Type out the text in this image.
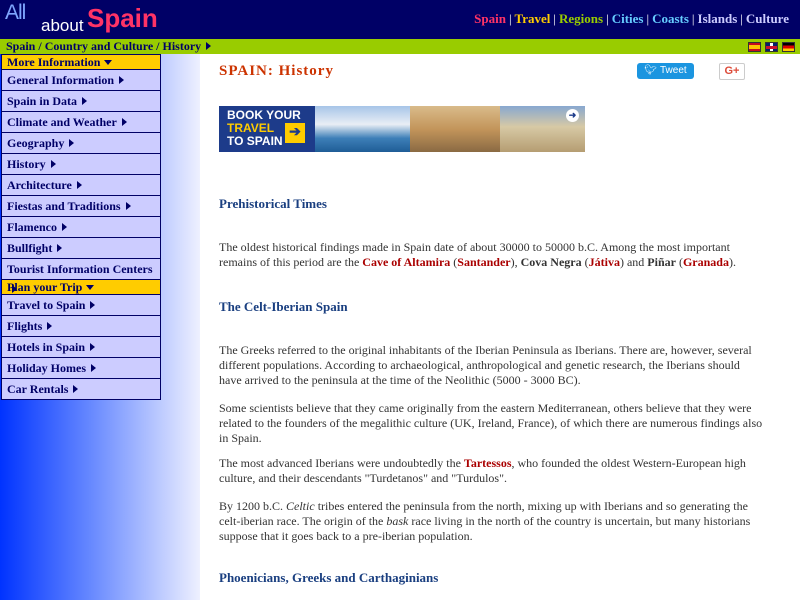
All
about Spain	Spain | Travel | Regions | Cities | Coasts | Islands | Culture
Spain / Country and Culture / History
More Information
General Information
Spain in Data
Climate and Weather
Geography
History
Architecture
Fiestas and Traditions
Flamenco
Bullfight
Tourist Information Centers
Plan your Trip
Travel to Spain
Flights
Hotels in Spain
Holiday Homes
Car Rentals
SPAIN: History	🐦︎ Tweet	G+
BOOK YOUR
TRAVEL
TO SPAIN
➔
➜
Prehistorical Times

The oldest historical findings made in Spain date of about 30000 to 50000 b.C. Among the most important remains of this period are the Cave of Altamira (Santander), Cova Negra (Játiva) and Piñar (Granada).

The Celt-Iberian Spain

The Greeks referred to the original inhabitants of the Iberian Peninsula as Iberians. There are, however, several different populations. According to archaeological, anthropological and genetic research, the Iberians should have arrived to the peninsula at the time of the Neolithic (5000 - 3000 BC).

Some scientists believe that they came originally from the eastern Mediterranean, others believe that they were related to the founders of the megalithic culture (UK, Ireland, France), of which there are numerous findings also in Spain.

The most advanced Iberians were undoubtedly the Tartessos, who founded the oldest Western-European high culture, and their descendants "Turdetanos" and "Turdulos".

By 1200 b.C. Celtic tribes entered the peninsula from the north, mixing up with Iberians and so generating the celt-iberian race. The origin of the bask race living in the north of the country is uncertain, but many historians suppose that it goes back to a pre-iberian population.

Phoenicians, Greeks and Carthaginians
